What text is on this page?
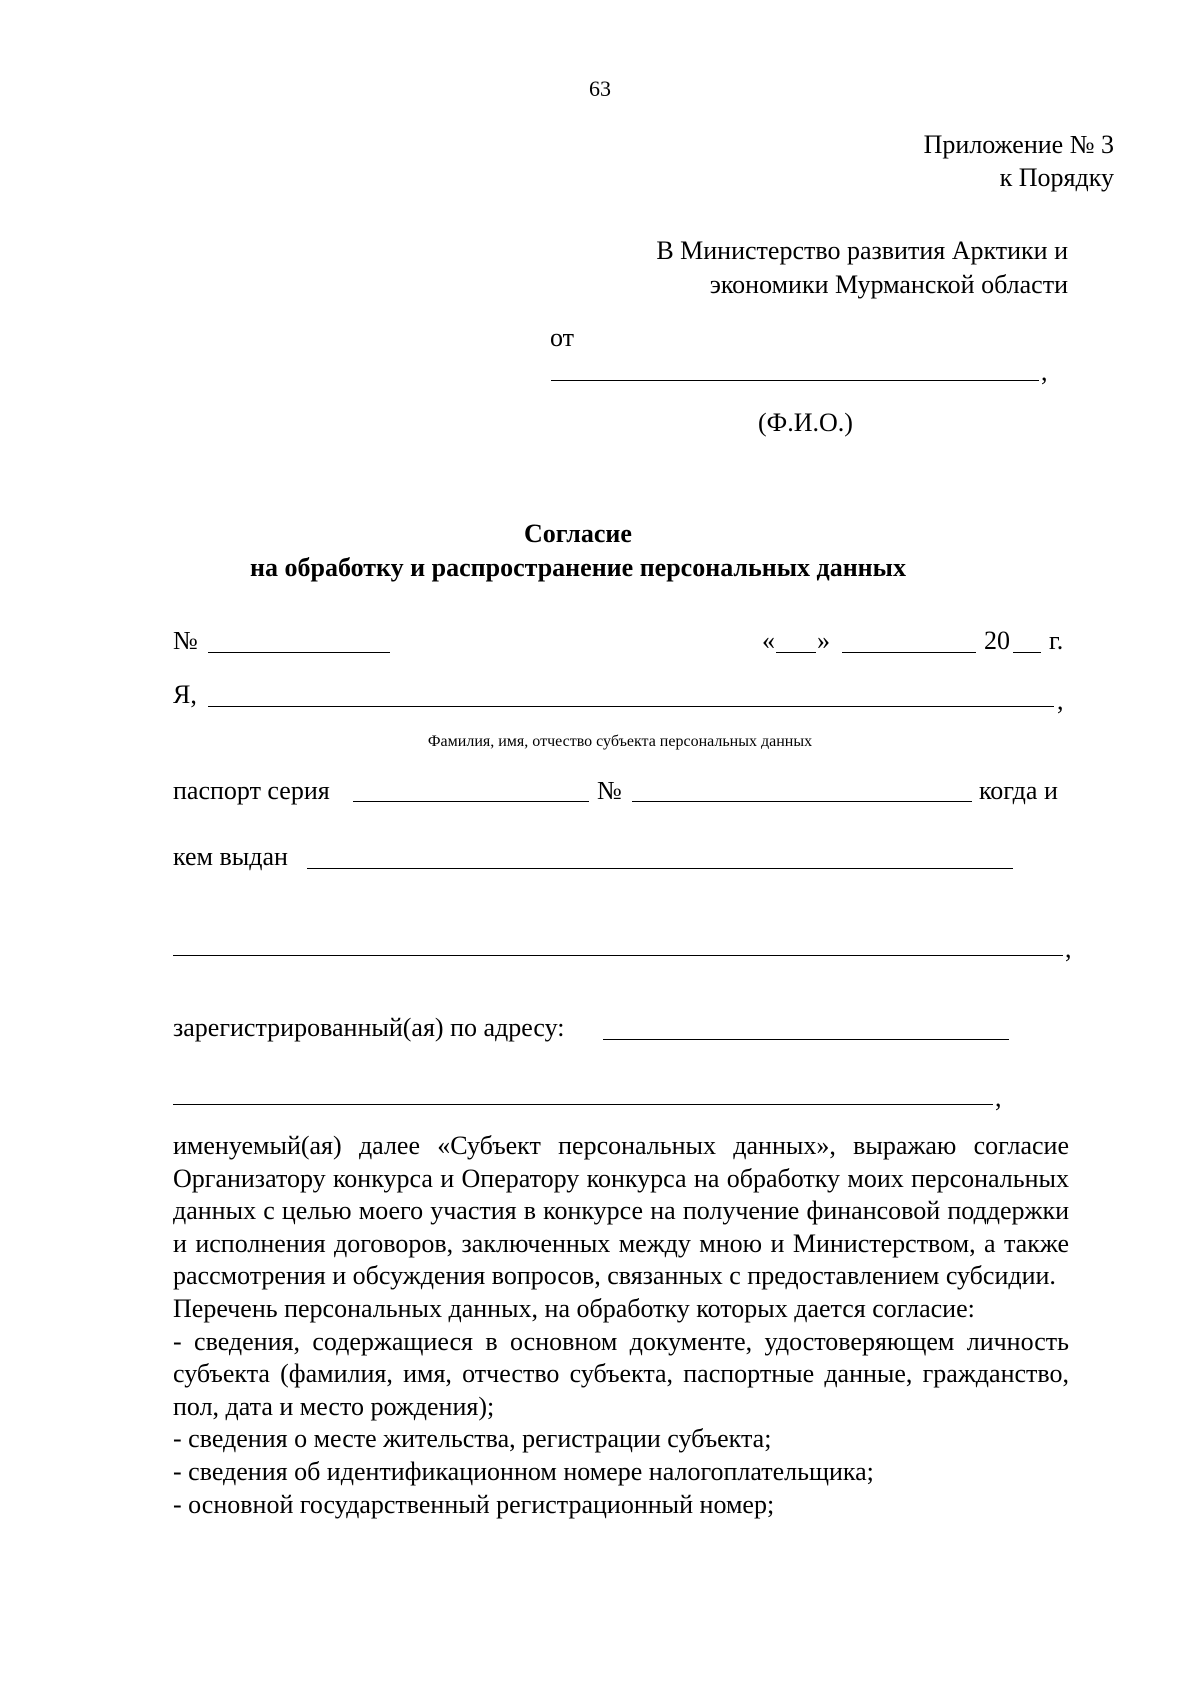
63
Приложение № 3
к Порядку
В Министерство развития Арктики и
экономики Мурманской области
от
,
(Ф.И.О.)
Согласие
на обработку и распространение персональных данных
№	« »	20 г.
Я,	,
Фамилия, имя, отчество субъекта персональных данных
паспорт серия	№	когда и
кем выдан
,
зарегистрированный(ая) по адресу:
,

именуемый(ая) далее «Субъект персональных данных», выражаю согласие Организатору конкурса и Оператору конкурса на обработку моих персональных данных с целью моего участия в конкурсе на получение финансовой поддержки и исполнения договоров, заключенных между мною и Министерством, а также рассмотрения и обсуждения вопросов, связанных с предоставлением субсидии.

Перечень персональных данных, на обработку которых дается согласие:

- сведения, содержащиеся в основном документе, удостоверяющем личность субъекта (фамилия, имя, отчество субъекта, паспортные данные, гражданство, пол, дата и место рождения);

- сведения о месте жительства, регистрации субъекта;

- сведения об идентификационном номере налогоплательщика;

- основной государственный регистрационный номер;
